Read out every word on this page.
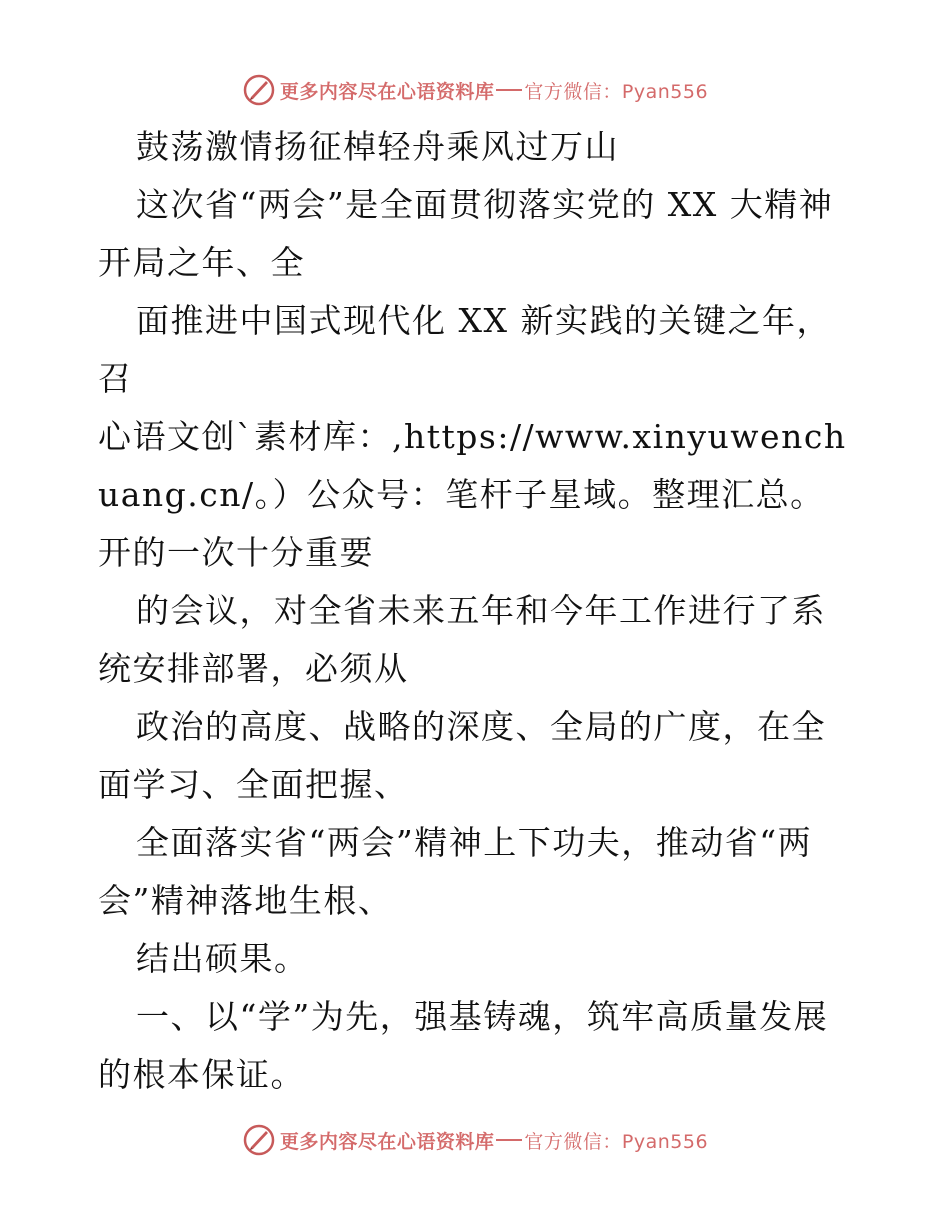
更多内容尽在心语资料库 官方微信：Pyan556

鼓荡激情扬征棹轻舟乘风过万山

这次省“两会”是全面贯彻落实党的 XX 大精神开局之年、全

面推进中国式现代化 XX 新实践的关键之年，召

心语文创`素材库：,https://www.xinyuwenchuang.cn/。）公众号：笔杆子星域。整理汇总。开的一次十分重要

的会议，对全省未来五年和今年工作进行了系统安排部署，必须从

政治的高度、战略的深度、全局的广度，在全面学习、全面把握、

全面落实省“两会”精神上下功夫，推动省“两会”精神落地生根、

结出硕果。

一、以“学”为先，强基铸魂，筑牢高质量发展的根本保证。

更多内容尽在心语资料库 官方微信：Pyan556
